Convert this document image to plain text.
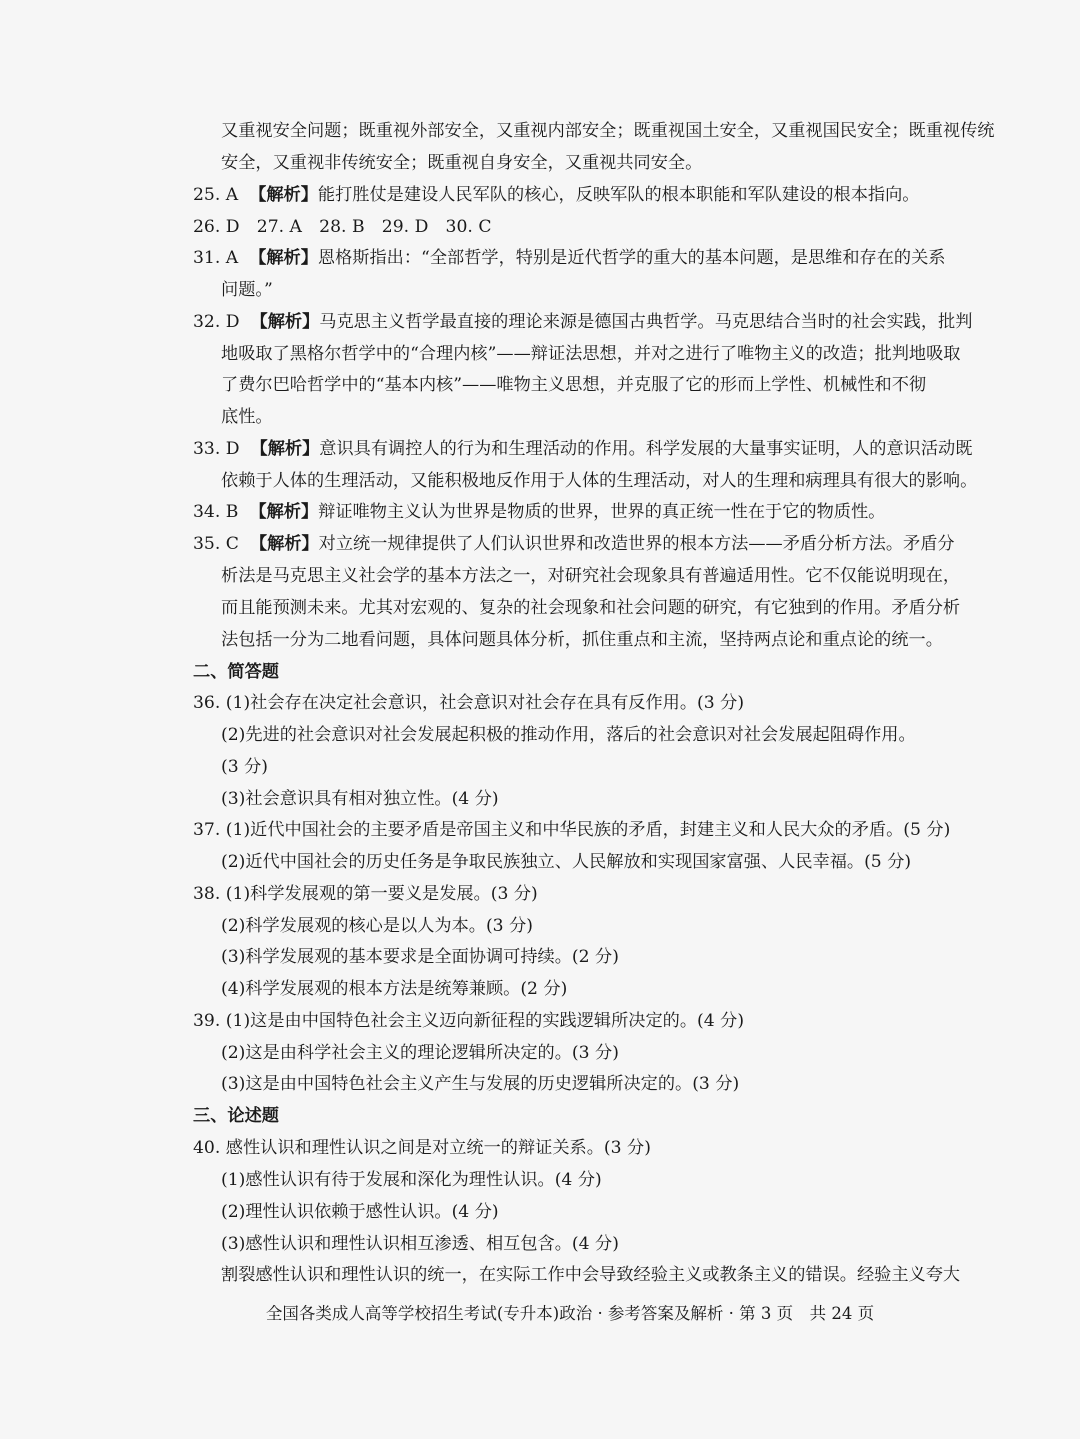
又重视安全问题；既重视外部安全，又重视内部安全；既重视国土安全，又重视国民安全；既重视传统
安全，又重视非传统安全；既重视自身安全，又重视共同安全。
25. A 【解析】能打胜仗是建设人民军队的核心，反映军队的根本职能和军队建设的根本指向。
26. D　27. A　28. B　29. D　30. C
31. A 【解析】恩格斯指出：“全部哲学，特别是近代哲学的重大的基本问题，是思维和存在的关系
问题。”
32. D 【解析】马克思主义哲学最直接的理论来源是德国古典哲学。马克思结合当时的社会实践，批判
地吸取了黑格尔哲学中的“合理内核”——辩证法思想，并对之进行了唯物主义的改造；批判地吸取
了费尔巴哈哲学中的“基本内核”——唯物主义思想，并克服了它的形而上学性、机械性和不彻
底性。
33. D 【解析】意识具有调控人的行为和生理活动的作用。科学发展的大量事实证明，人的意识活动既
依赖于人体的生理活动，又能积极地反作用于人体的生理活动，对人的生理和病理具有很大的影响。
34. B 【解析】辩证唯物主义认为世界是物质的世界，世界的真正统一性在于它的物质性。
35. C 【解析】对立统一规律提供了人们认识世界和改造世界的根本方法——矛盾分析方法。矛盾分
析法是马克思主义社会学的基本方法之一，对研究社会现象具有普遍适用性。它不仅能说明现在，
而且能预测未来。尤其对宏观的、复杂的社会现象和社会问题的研究，有它独到的作用。矛盾分析
法包括一分为二地看问题，具体问题具体分析，抓住重点和主流，坚持两点论和重点论的统一。
二、简答题
36. (1)社会存在决定社会意识，社会意识对社会存在具有反作用。(3 分)
(2)先进的社会意识对社会发展起积极的推动作用，落后的社会意识对社会发展起阻碍作用。
(3 分)
(3)社会意识具有相对独立性。(4 分)
37. (1)近代中国社会的主要矛盾是帝国主义和中华民族的矛盾，封建主义和人民大众的矛盾。(5 分)
(2)近代中国社会的历史任务是争取民族独立、人民解放和实现国家富强、人民幸福。(5 分)
38. (1)科学发展观的第一要义是发展。(3 分)
(2)科学发展观的核心是以人为本。(3 分)
(3)科学发展观的基本要求是全面协调可持续。(2 分)
(4)科学发展观的根本方法是统筹兼顾。(2 分)
39. (1)这是由中国特色社会主义迈向新征程的实践逻辑所决定的。(4 分)
(2)这是由科学社会主义的理论逻辑所决定的。(3 分)
(3)这是由中国特色社会主义产生与发展的历史逻辑所决定的。(3 分)
三、论述题
40. 感性认识和理性认识之间是对立统一的辩证关系。(3 分)
(1)感性认识有待于发展和深化为理性认识。(4 分)
(2)理性认识依赖于感性认识。(4 分)
(3)感性认识和理性认识相互渗透、相互包含。(4 分)
割裂感性认识和理性认识的统一，在实际工作中会导致经验主义或教条主义的错误。经验主义夸大
全国各类成人高等学校招生考试(专升本)政治 · 参考答案及解析 · 第 3 页　共 24 页
